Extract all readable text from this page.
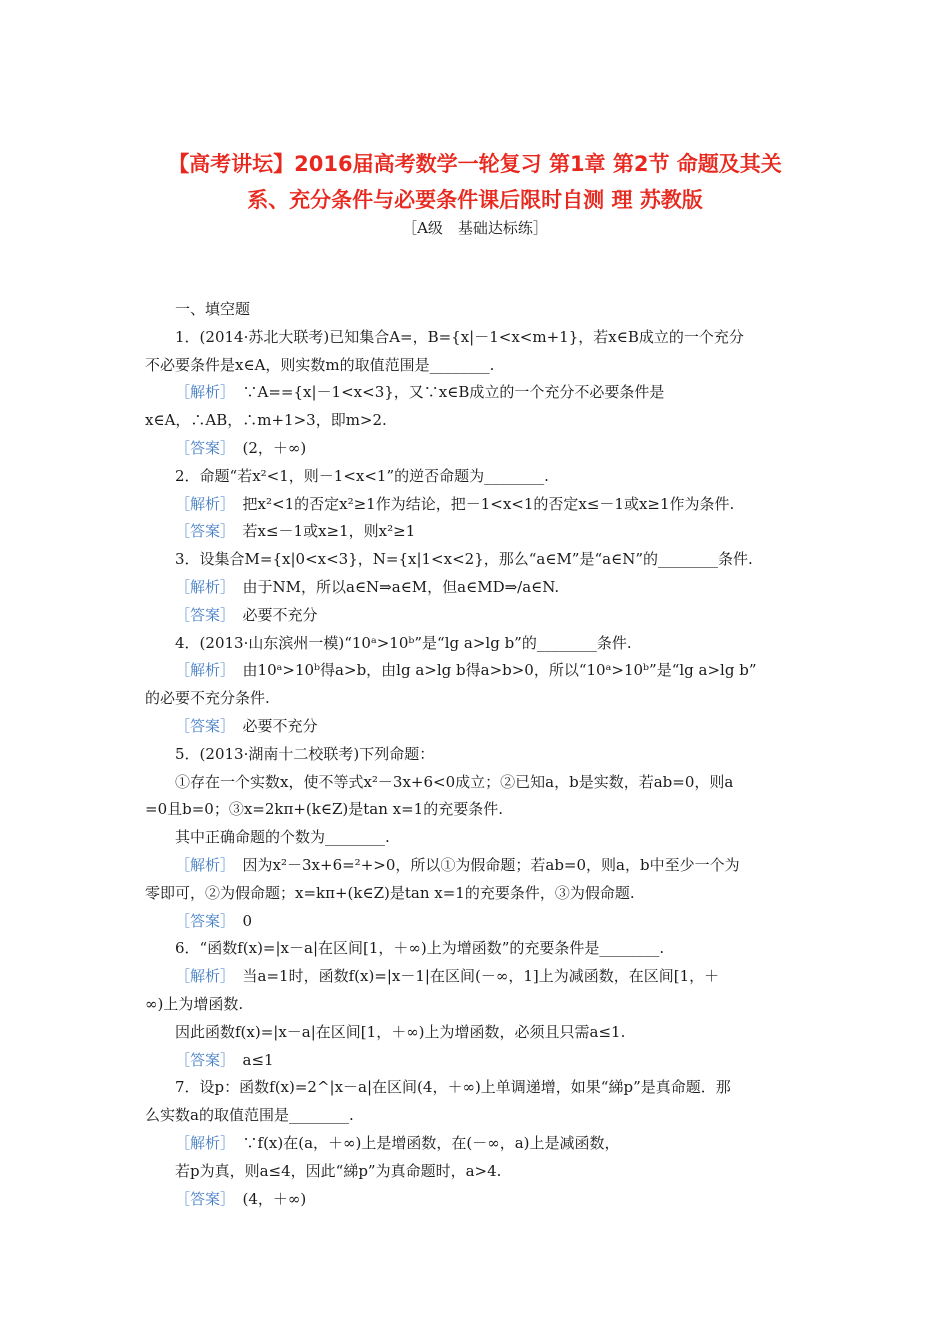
【高考讲坛】2016届高考数学一轮复习 第1章 第2节 命题及其关
系、充分条件与必要条件课后限时自测 理 苏教版
［A级　基础达标练］
一、填空题
1．(2014·苏北大联考)已知集合A=，B={x|－1<x<m+1}，若x∈B成立的一个充分
不必要条件是x∈A，则实数m的取值范围是________.
［解析］　 ∵A=={x|－1<x<3}，又∵x∈B成立的一个充分不必要条件是
x∈A，∴AB，∴m+1>3，即m>2.
［答案］　 (2，＋∞)
2．命题“若x²<1，则－1<x<1”的逆否命题为________.
［解析］　 把x²<1的否定x²≥1作为结论，把－1<x<1的否定x≤－1或x≥1作为条件.
［答案］　 若x≤－1或x≥1，则x²≥1
3．设集合M={x|0<x<3}，N={x|1<x<2}，那么“a∈M”是“a∈N”的________条件.
［解析］　 由于NM，所以a∈N⇒a∈M，但a∈MD⇒/a∈N.
［答案］　 必要不充分
4．(2013·山东滨州一模)“10ᵃ>10ᵇ”是“lg a>lg b”的________条件.
［解析］　 由10ᵃ>10ᵇ得a>b，由lg a>lg b得a>b>0，所以“10ᵃ>10ᵇ”是“lg a>lg b”
的必要不充分条件.
［答案］　 必要不充分
5．(2013·湖南十二校联考)下列命题：
①存在一个实数x，使不等式x²－3x+6<0成立；②已知a，b是实数，若ab=0，则a
=0且b=0；③x=2kπ+(k∈Z)是tan x=1的充要条件.
其中正确命题的个数为________.
［解析］　 因为x²－3x+6=²+>0，所以①为假命题；若ab=0，则a，b中至少一个为
零即可，②为假命题；x=kπ+(k∈Z)是tan x=1的充要条件，③为假命题.
［答案］　 0
6．“函数f(x)=|x－a|在区间[1，＋∞)上为增函数”的充要条件是________.
［解析］　 当a=1时，函数f(x)=|x－1|在区间(－∞，1]上为减函数，在区间[1，＋
∞)上为增函数.
因此函数f(x)=|x－a|在区间[1，＋∞)上为增函数，必须且只需a≤1.
［答案］　 a≤1
7．设p：函数f(x)=2^|x－a|在区间(4，＋∞)上单调递增，如果“綈p”是真命题．那
么实数a的取值范围是________.
［解析］　 ∵f(x)在(a，＋∞)上是增函数，在(－∞，a)上是减函数，
若p为真，则a≤4，因此“綈p”为真命题时，a>4.
［答案］　 (4，＋∞)
